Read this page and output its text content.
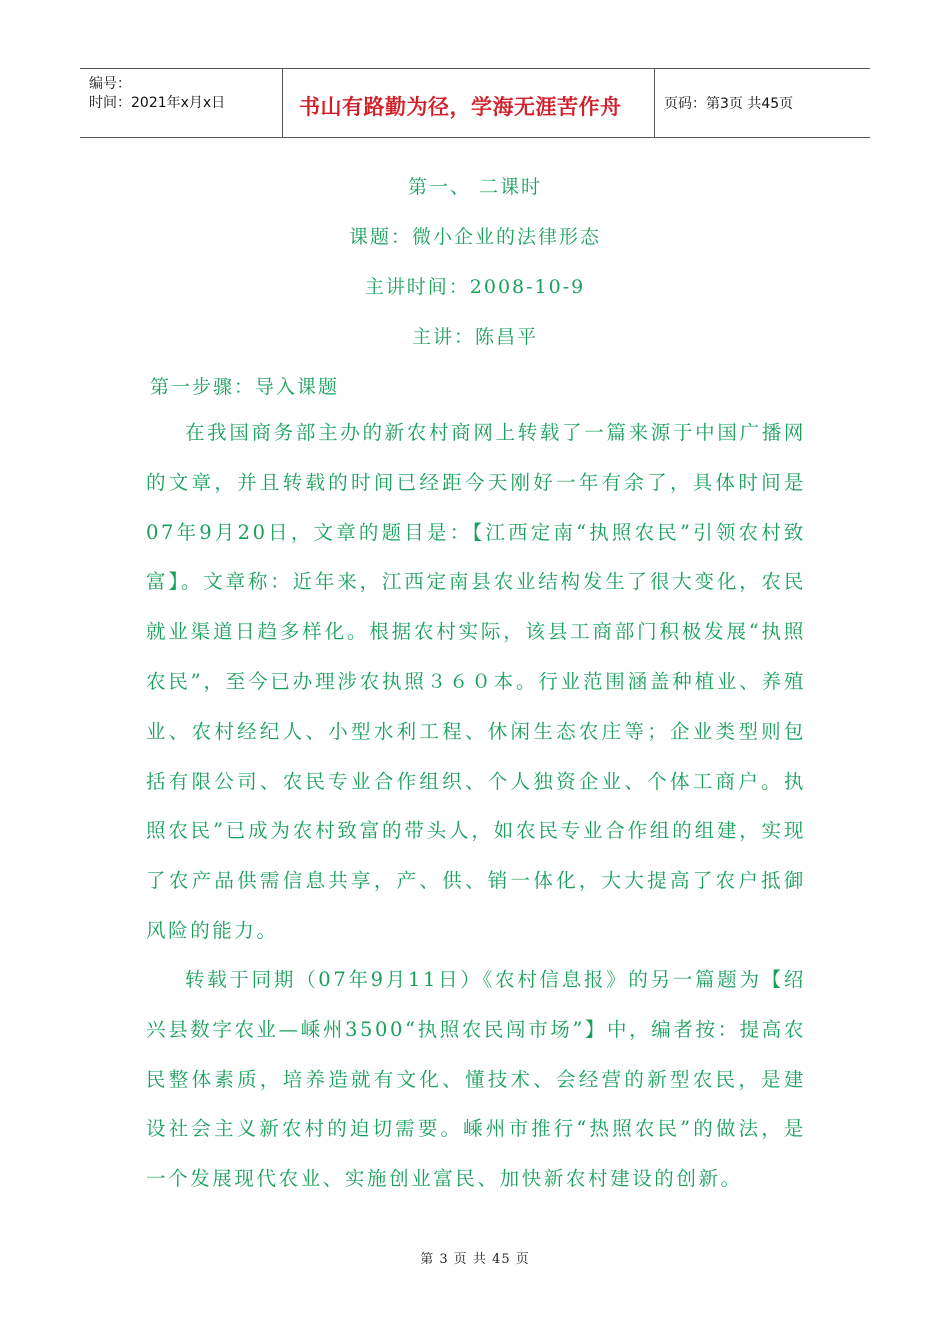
编号：
时间：2021年x月x日	书山有路勤为径，学海无涯苦作舟	页码：第3页 共45页
第一、 二课时
课题：微小企业的法律形态
主讲时间：2008-10-9
主讲：陈昌平
第一步骤：导入课题

在我国商务部主办的新农村商网上转载了一篇来源于中国广播网的文章，并且转载的时间已经距今天刚好一年有余了，具体时间是07年9月20日，文章的题目是：【江西定南“执照农民”引领农村致富】。文章称：近年来，江西定南县农业结构发生了很大变化，农民就业渠道日趋多样化。根据农村实际，该县工商部门积极发展“执照农民”，至今已办理涉农执照３６０本。行业范围涵盖种植业、养殖业、农村经纪人、小型水利工程、休闲生态农庄等；企业类型则包括有限公司、农民专业合作组织、个人独资企业、个体工商户。执照农民”已成为农村致富的带头人，如农民专业合作组的组建，实现了农产品供需信息共享，产、供、销一体化，大大提高了农户抵御风险的能力。

转载于同期（07年9月11日）《农村信息报》的另一篇题为【绍兴县数字农业—嵊州3500“执照农民闯市场”】中，编者按：提高农民整体素质，培养造就有文化、懂技术、会经营的新型农民，是建设社会主义新农村的迫切需要。嵊州市推行“热照农民”的做法，是一个发展现代农业、实施创业富民、加快新农村建设的创新。

第 3 页 共 45 页
